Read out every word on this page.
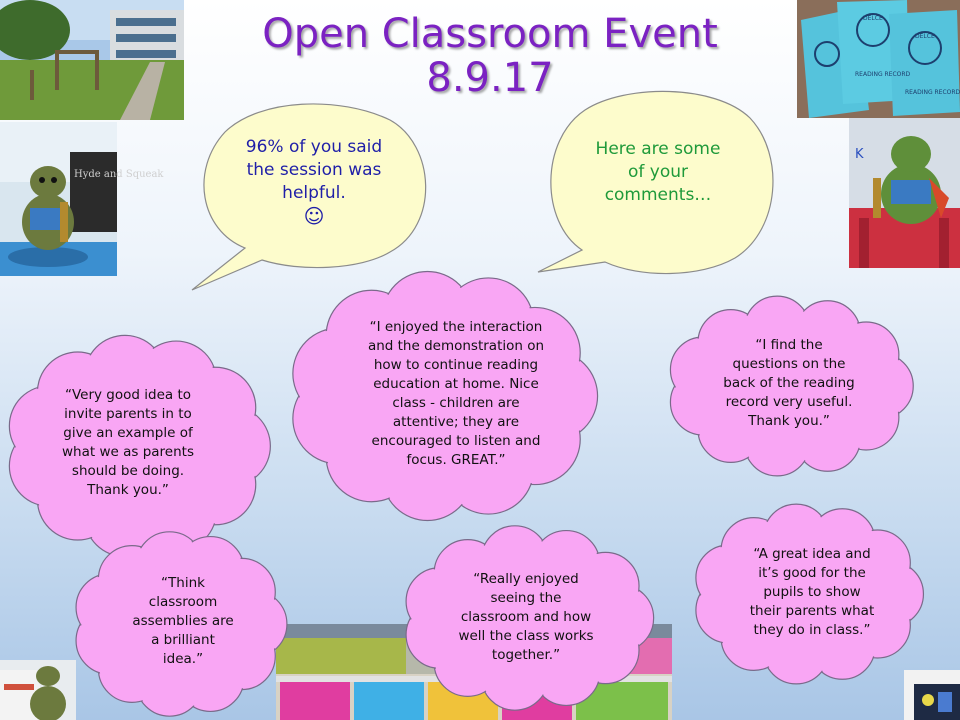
DELCE
DELCE
READING RECORD
READING RECORD
Hyde and Squeak
K
Open Classroom Event
8.9.17
96% of you said
the session was
helpful.
☺
Here are some
of your
comments…
“I enjoyed the interaction
and the demonstration on
how to continue reading
education at home. Nice
class - children are
attentive; they are
encouraged to listen and
focus. GREAT.”
“I find the
questions on the
back of the reading
record very useful.
Thank you.”
“Very good idea to
invite parents in to
give an example of
what we as parents
should be doing.
Thank you.”
“Think
classroom
assemblies are
a brilliant
idea.”
“Really enjoyed
seeing the
classroom and how
well the class works
together.”
“A great idea and
it’s good for the
pupils to show
their parents what
they do in class.”
